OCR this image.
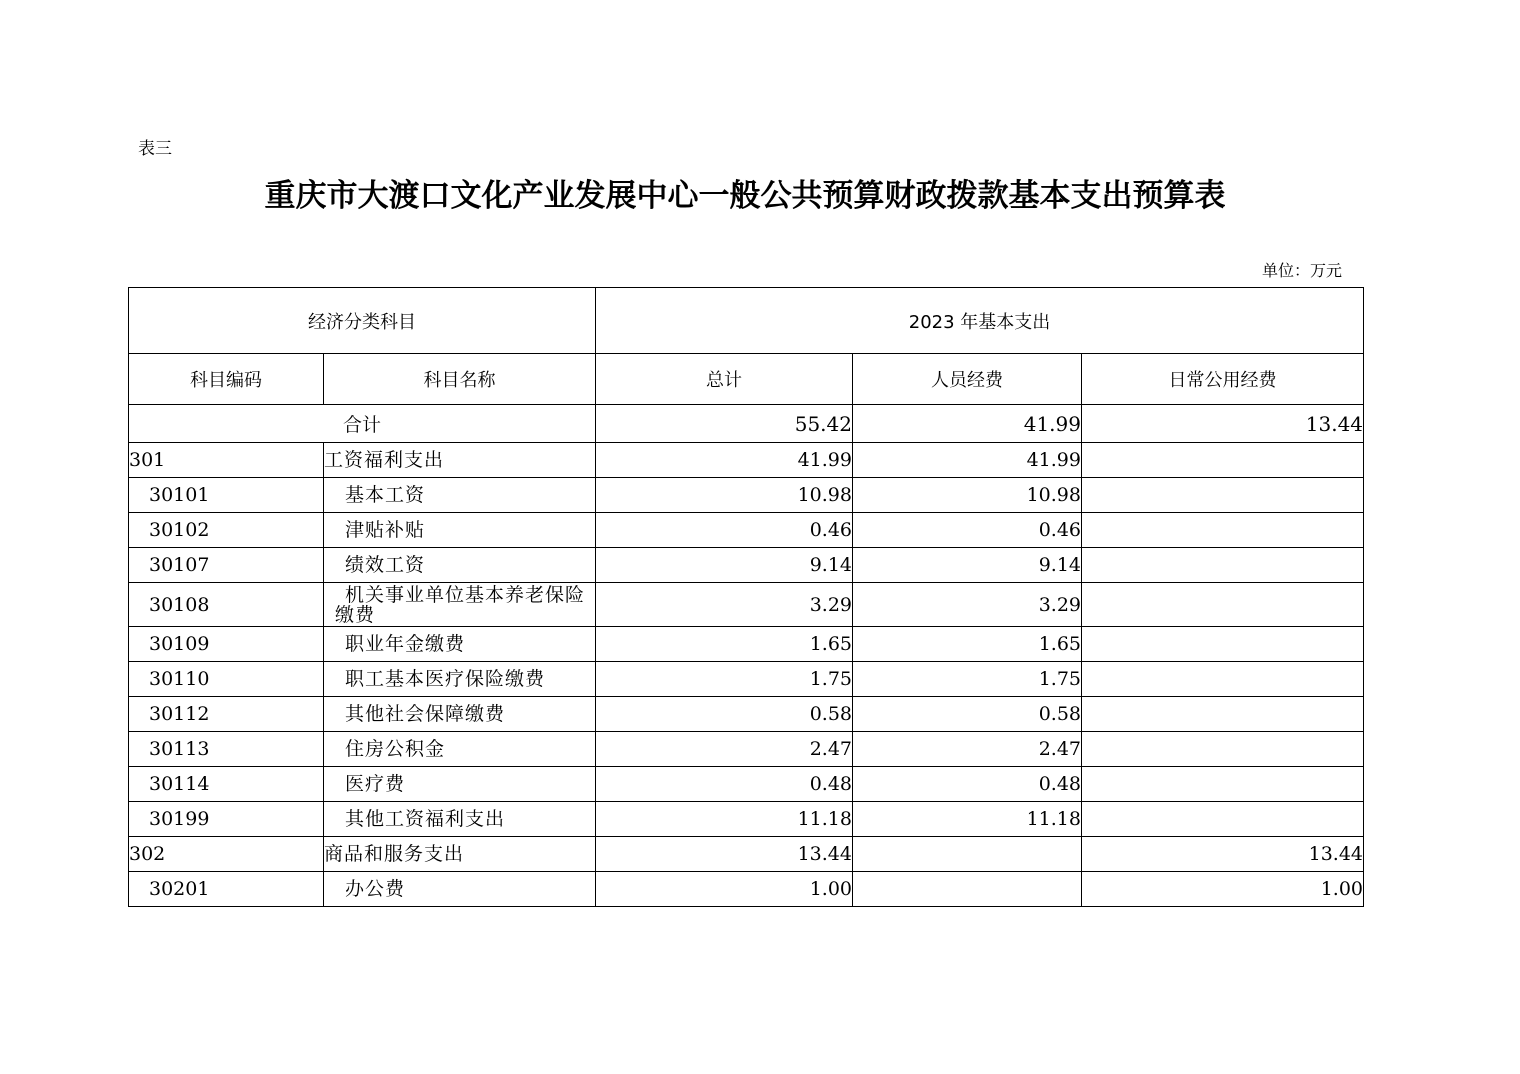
表三
重庆市大渡口文化产业发展中心一般公共预算财政拨款基本支出预算表
单位：万元
经济分类科目		2023 年基本支出		
科目编码	科目名称	总计	人员经费	日常公用经费
合计		55.42	41.99	13.44
301	工资福利支出	41.99	41.99	
30101	基本工资	10.98	10.98	
30102	津贴补贴	0.46	0.46	
30107	绩效工资	9.14	9.14	
30108	机关事业单位基本养老保险缴费	3.29	3.29	
30109	职业年金缴费	1.65	1.65	
30110	职工基本医疗保险缴费	1.75	1.75	
30112	其他社会保障缴费	0.58	0.58	
30113	住房公积金	2.47	2.47	
30114	医疗费	0.48	0.48	
30199	其他工资福利支出	11.18	11.18	
302	商品和服务支出	13.44		13.44
30201	办公费	1.00		1.00
